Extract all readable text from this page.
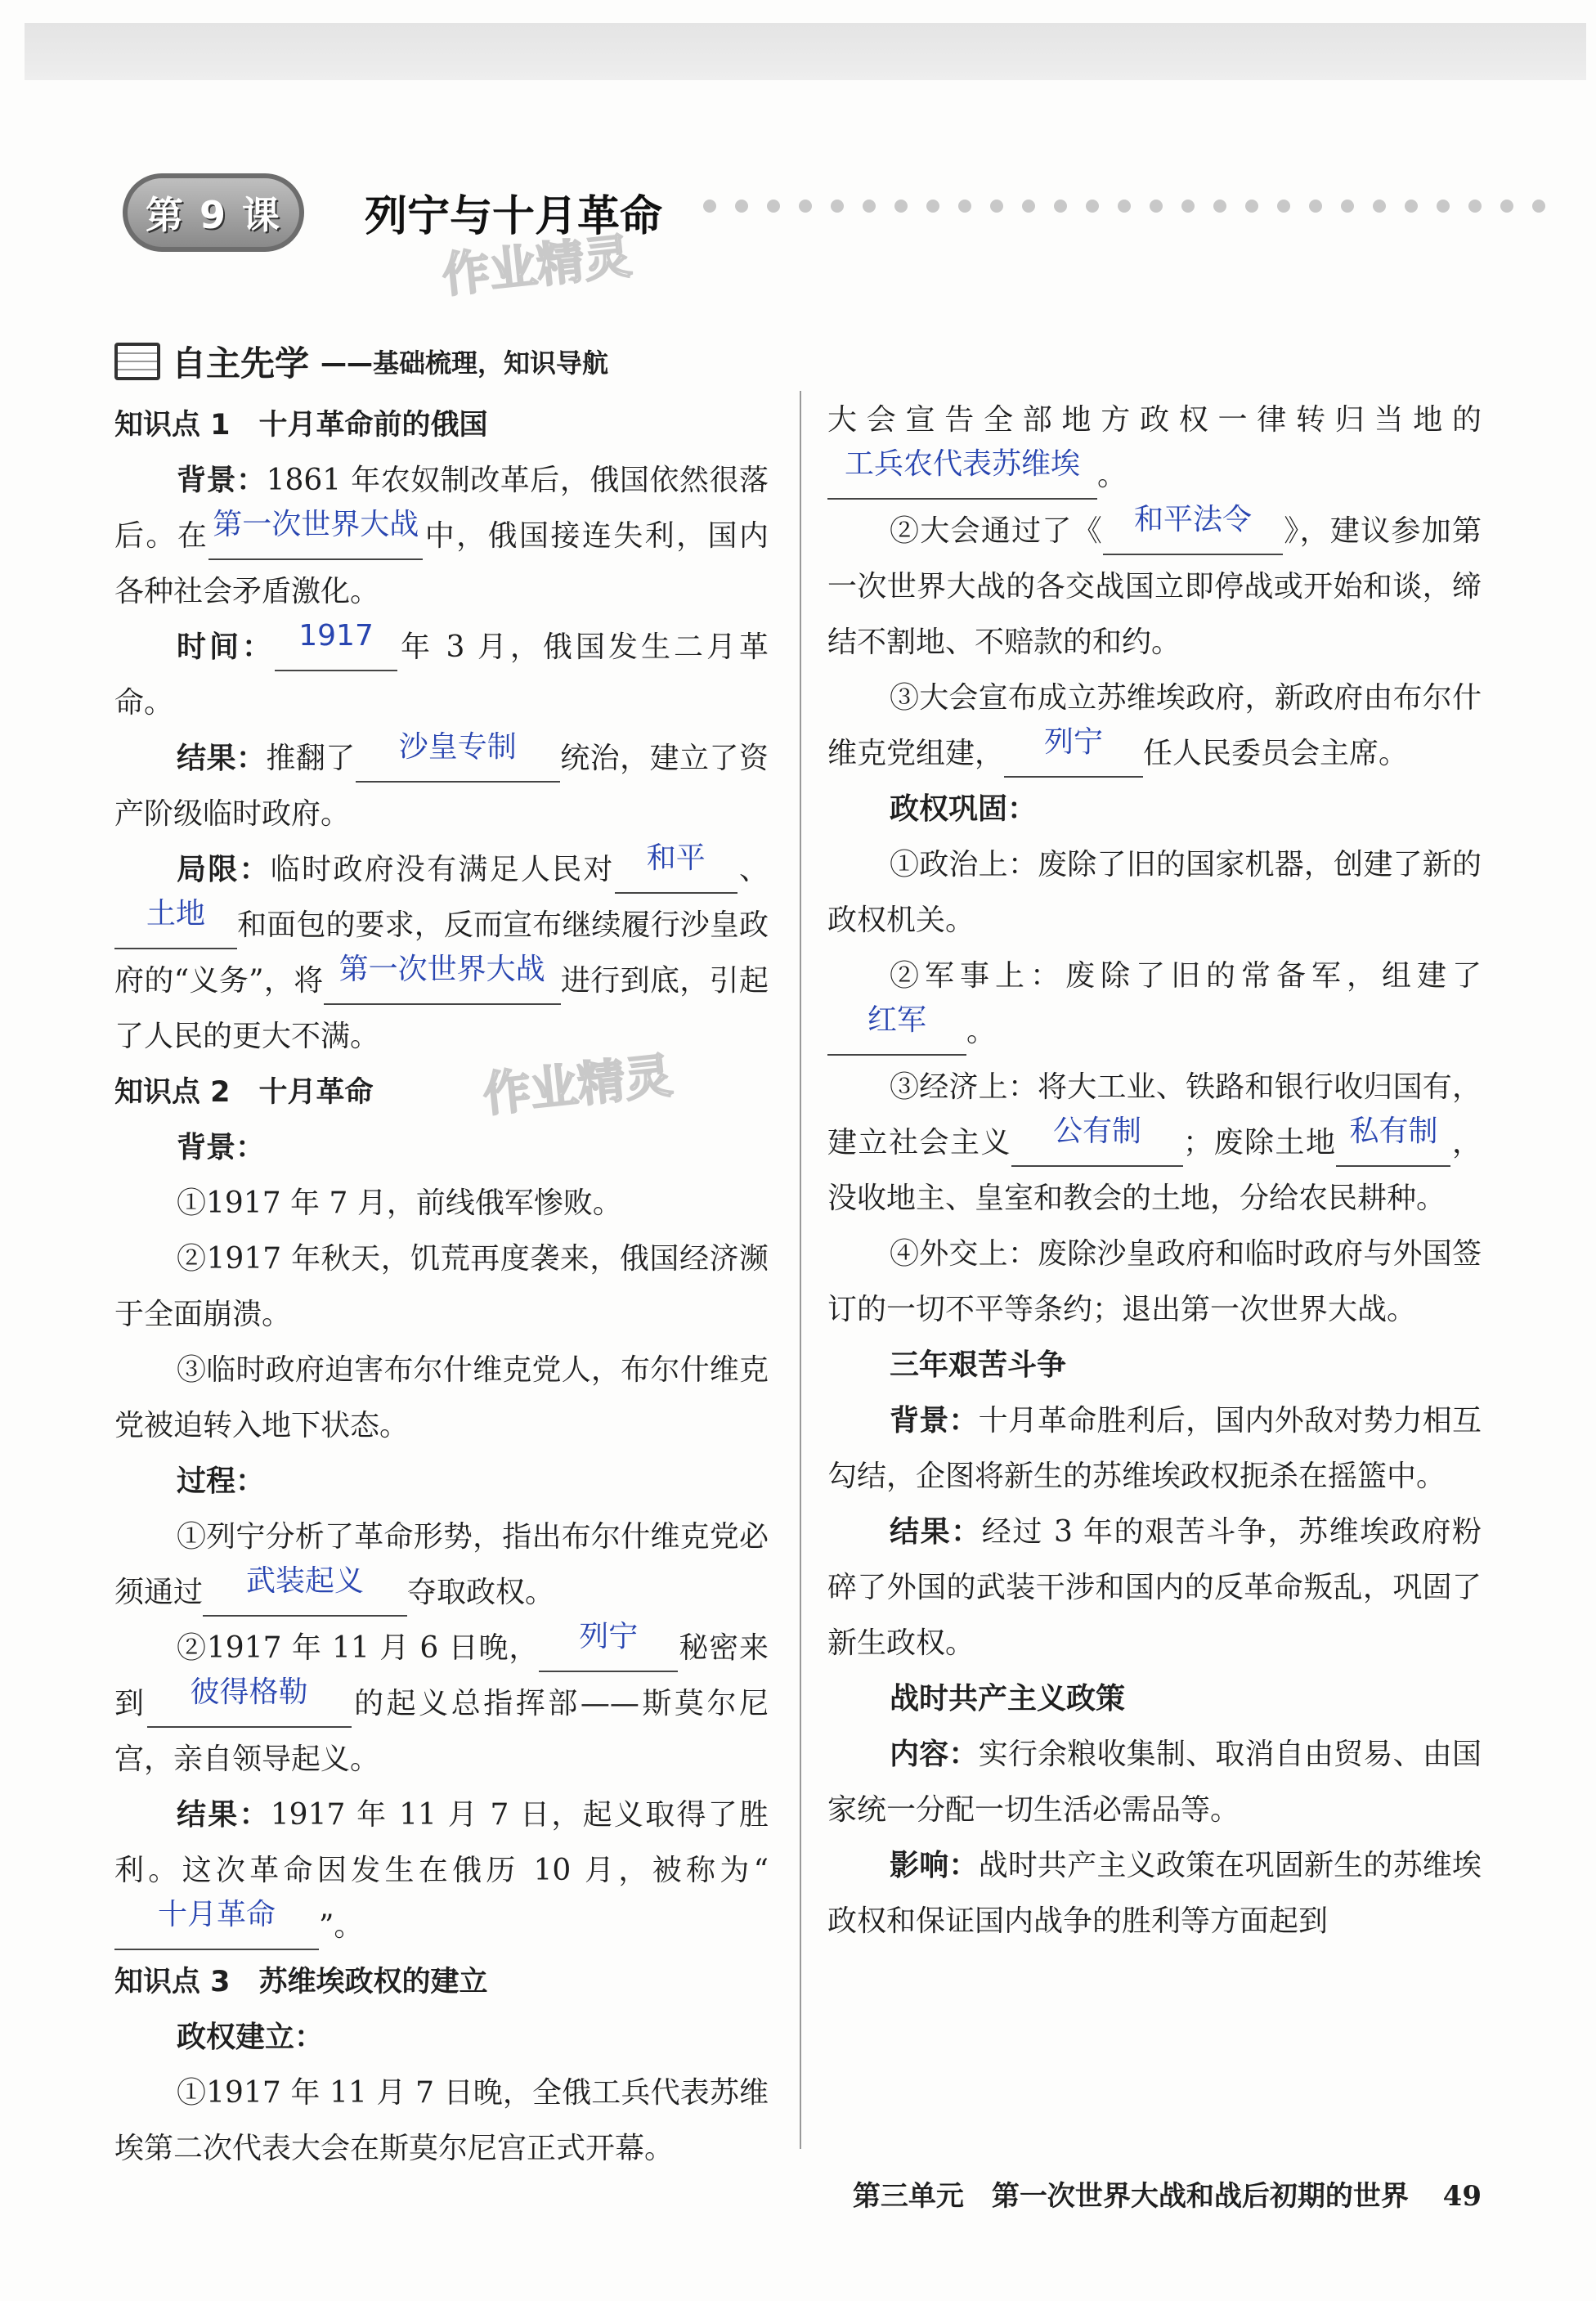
第 9 课	列宁与十月革命
作业精灵
作业精灵
自主先学 ——基础梳理，知识导航

知识点 1　十月革命前的俄国

背景：1861 年农奴制改革后，俄国依然很落后。在 第一次世界大战 中，俄国接连失利，国内各种社会矛盾激化。

时间： 1917 年 3 月，俄国发生二月革命。

结果：推翻了 沙皇专制 统治，建立了资产阶级临时政府。

局限：临时政府没有满足人民对 和平 、土地 和面包的要求，反而宣布继续履行沙皇政府的“义务”，将 第一次世界大战 进行到底，引起了人民的更大不满。

知识点 2　十月革命

背景：

①1917 年 7 月，前线俄军惨败。

②1917 年秋天，饥荒再度袭来，俄国经济濒于全面崩溃。

③临时政府迫害布尔什维克党人，布尔什维克党被迫转入地下状态。

过程：

①列宁分析了革命形势，指出布尔什维克党必须通过 武装起义 夺取政权。

②1917 年 11 月 6 日晚， 列宁 秘密来到 彼得格勒 的起义总指挥部——斯莫尔尼宫，亲自领导起义。

结果：1917 年 11 月 7 日，起义取得了胜利。这次革命因发生在俄历 10 月，被称为“十月革命 ”。

知识点 3　苏维埃政权的建立

政权建立：

①1917 年 11 月 7 日晚，全俄工兵代表苏维埃第二次代表大会在斯莫尔尼宫正式开幕。

大会宣告全部地方政权一律转归当地的工兵农代表苏维埃 。

②大会通过了《 和平法令 》，建议参加第一次世界大战的各交战国立即停战或开始和谈，缔结不割地、不赔款的和约。

③大会宣布成立苏维埃政府，新政府由布尔什维克党组建， 列宁 任人民委员会主席。

政权巩固：

①政治上：废除了旧的国家机器，创建了新的政权机关。

②军事上：废除了旧的常备军，组建了红军 。

③经济上：将大工业、铁路和银行收归国有，建立社会主义 公有制 ；废除土地 私有制 ，没收地主、皇室和教会的土地，分给农民耕种。

④外交上：废除沙皇政府和临时政府与外国签订的一切不平等条约；退出第一次世界大战。

三年艰苦斗争

背景：十月革命胜利后，国内外敌对势力相互勾结，企图将新生的苏维埃政权扼杀在摇篮中。

结果：经过 3 年的艰苦斗争，苏维埃政府粉碎了外国的武装干涉和国内的反革命叛乱，巩固了新生政权。

战时共产主义政策

内容：实行余粮收集制、取消自由贸易、由国家统一分配一切生活必需品等。

影响：战时共产主义政策在巩固新生的苏维埃政权和保证国内战争的胜利等方面起到

第三单元　第一次世界大战和战后初期的世界 49
